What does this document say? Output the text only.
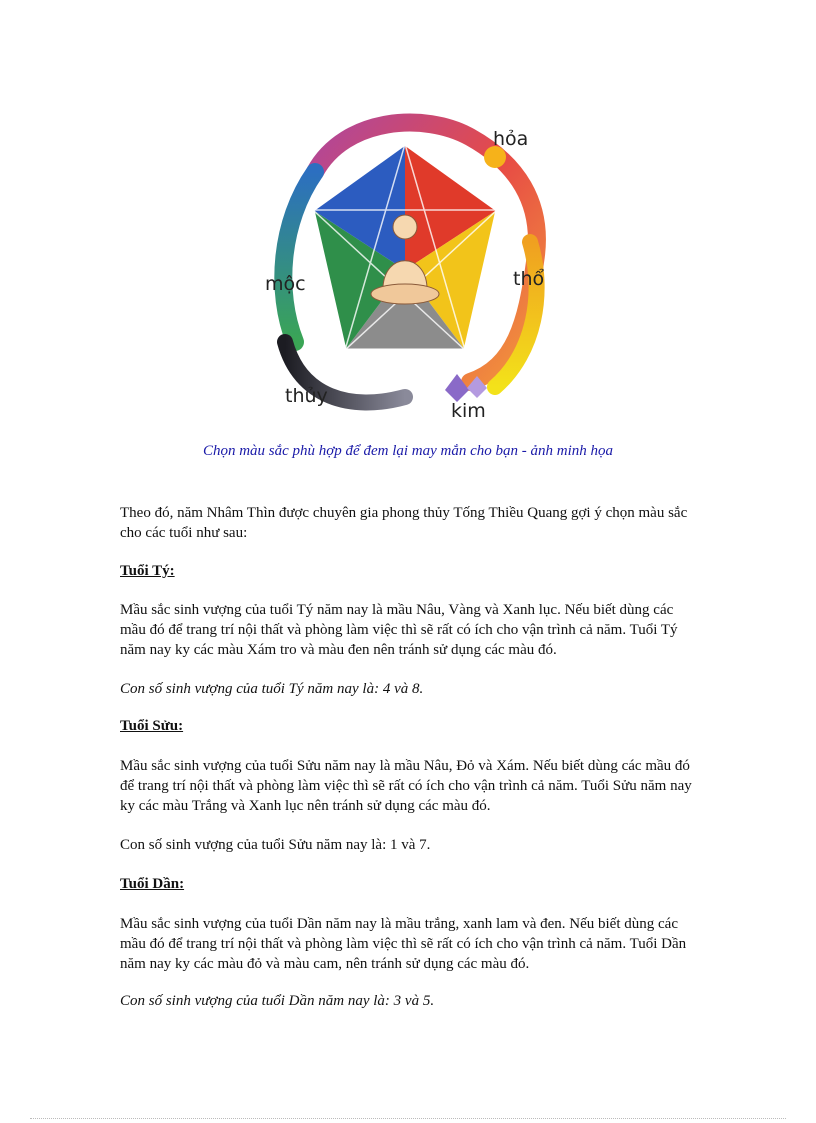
hỏa
thổ
kim
thủy
mộc
Chọn màu sắc phù hợp để đem lại may mắn cho bạn - ảnh minh họa
Theo đó, năm Nhâm Thìn được chuyên gia phong thủy Tống Thiều Quang gợi ý chọn màu sắc cho các tuổi như sau:
Tuổi Tý:
Mầu sắc sinh vượng của tuổi Tý năm nay là mầu Nâu, Vàng và Xanh lục. Nếu biết dùng các mầu đó để trang trí nội thất và phòng làm việc thì sẽ rất có ích cho vận trình cả năm. Tuổi Tý năm nay ky các màu Xám tro và màu đen nên tránh sử dụng các màu đó.
Con số sinh vượng của tuổi Tý năm nay là: 4 và 8.
Tuổi Sửu:
Mầu sắc sinh vượng của tuổi Sửu năm nay là mầu Nâu, Đỏ và Xám. Nếu biết dùng các mầu đó để trang trí nội thất và phòng làm việc thì sẽ rất có ích cho vận trình cả năm. Tuổi Sửu năm nay ky các màu Trắng và Xanh lục nên tránh sử dụng các màu đó.
Con số sinh vượng của tuổi Sửu năm nay là: 1 và 7.
Tuổi Dần:
Mầu sắc sinh vượng của tuổi Dần năm nay là mầu trắng, xanh lam và đen. Nếu biết dùng các mầu đó để trang trí nội thất và phòng làm việc thì sẽ rất có ích cho vận trình cả năm. Tuổi Dần năm nay ky các màu đỏ và màu cam, nên tránh sử dụng các màu đó.
Con số sinh vượng của tuổi Dần năm nay là: 3 và 5.
